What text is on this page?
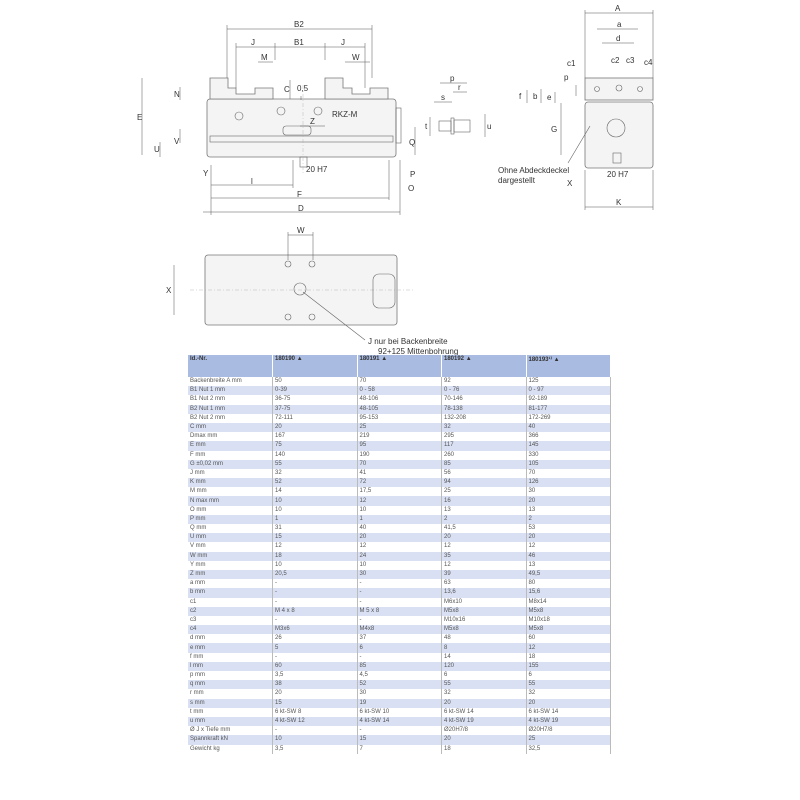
RKZ-M
B2
J	B1	J
M	W
E
N
C 0,5
Z
V
U
Q
20 H7
Y
l
F
D
P
O
p
r
s
t	u
A
a
d
c1	c2 c3 c4
p
f b e
G
Ohne Abdeckdeckel
dargestellt
20 H7
X
K
W
X
J nur bei Backenbreite
92+125 Mittenbohrung
Id.-Nr.	180190 ▲	180191 ▲	180192 ▲	180193¹⁾ ▲
Backenbreite A mm	50	70	92	125
B1 Nut 1 mm	0-39	0 - 58	0 - 76	0 - 97
B1 Nut 2 mm	36-75	48-106	70-146	92-189
B2 Nut 1 mm	37-75	48-105	78-138	81-177
B2 Nut 2 mm	72-111	95-153	132-208	172-269
C mm	20	25	32	40
Dmax mm	167	219	295	366
E mm	75	95	117	145
F mm	140	190	260	330
G ±0,02 mm	55	70	85	105
J mm	32	41	56	70
K mm	52	72	94	126
M mm	14	17,5	25	30
N max mm	10	12	16	20
O mm	10	10	13	13
P mm	1	1	2	2
Q mm	31	40	41,5	53
U mm	15	20	20	20
V mm	12	12	12	12
W mm	18	24	35	46
Y mm	10	10	12	13
Z mm	20,5	30	39	49,5
a mm	-	-	63	80
b mm	-	-	13,6	15,6
c1	-	-	M6x10	M8x14
c2	M 4 x 8	M 5 x 8	M5x8	M5x8
c3	-	-	M10x16	M10x18
c4	M3x6	M4x8	M5x8	M5x8
d mm	26	37	48	60
e mm	5	6	8	12
f mm	-	-	14	18
l mm	60	85	120	155
p mm	3,5	4,5	6	6
q mm	38	52	55	55
r mm	20	30	32	32
s mm	15	19	20	20
t mm	6 kt-SW 8	6 kt-SW 10	6 kt-SW 14	6 kt-SW 14
u mm	4 kt-SW 12	4 kt-SW 14	4 kt-SW 19	4 kt-SW 19
Ø J x Tiefe mm	-	-	Ø20H7/8	Ø20H7/8
Spannkraft kN	10	15	20	25
Gewicht kg	3,5	7	18	32,5
